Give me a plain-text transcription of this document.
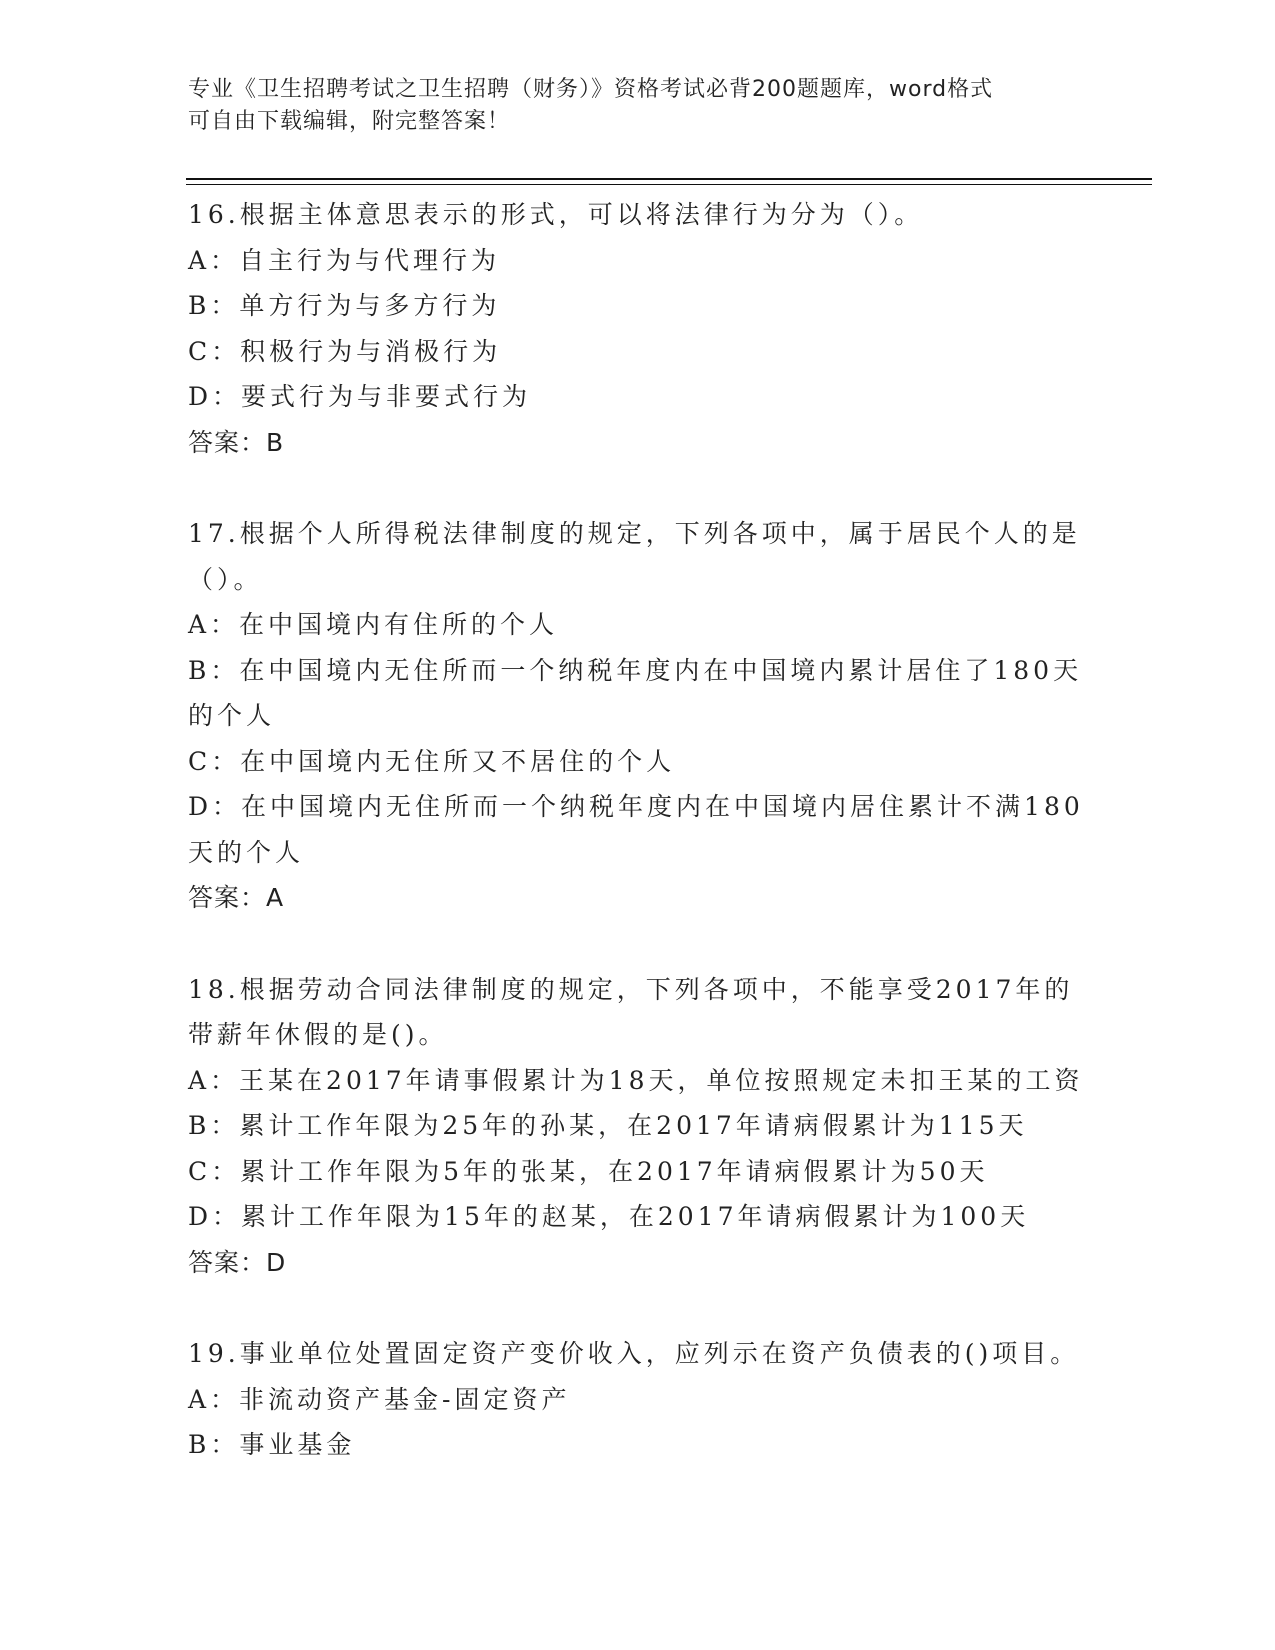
专业《卫生招聘考试之卫生招聘（财务）》资格考试必背200题题库，word格式
可自由下载编辑，附完整答案！
16.根据主体意思表示的形式，可以将法律行为分为（）。
A：自主行为与代理行为
B：单方行为与多方行为
C：积极行为与消极行为
D：要式行为与非要式行为
答案：B
17.根据个人所得税法律制度的规定，下列各项中，属于居民个人的是
（）。
A：在中国境内有住所的个人
B：在中国境内无住所而一个纳税年度内在中国境内累计居住了180天
的个人
C：在中国境内无住所又不居住的个人
D：在中国境内无住所而一个纳税年度内在中国境内居住累计不满180
天的个人
答案：A
18.根据劳动合同法律制度的规定，下列各项中，不能享受2017年的
带薪年休假的是()。
A：王某在2017年请事假累计为18天，单位按照规定未扣王某的工资
B：累计工作年限为25年的孙某，在2017年请病假累计为115天
C：累计工作年限为5年的张某，在2017年请病假累计为50天
D：累计工作年限为15年的赵某，在2017年请病假累计为100天
答案：D
19.事业单位处置固定资产变价收入，应列示在资产负债表的()项目。
A：非流动资产基金-固定资产
B：事业基金
